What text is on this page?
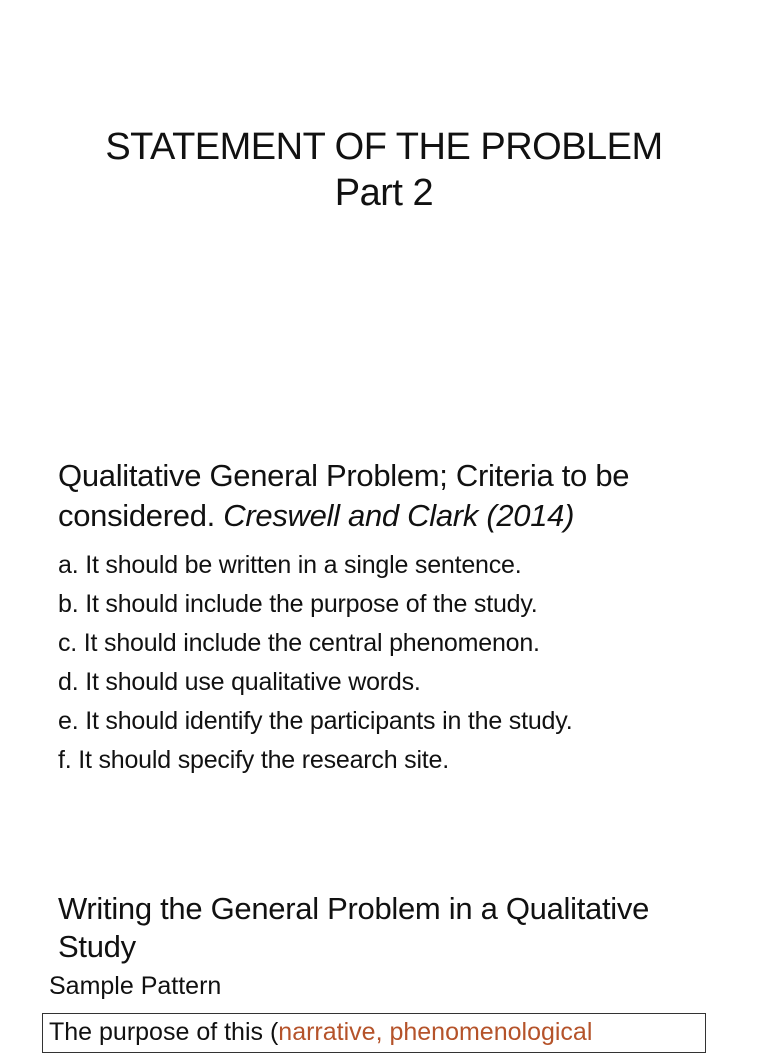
STATEMENT OF THE PROBLEM
Part 2
Qualitative General Problem; Criteria to be considered. Creswell and Clark (2014)
a. It should be written in a single sentence.
b. It should include the purpose of the study.
c. It should include the central phenomenon.
d. It should use qualitative words.
e. It should identify the participants in the study.
f. It should specify the research site.
Writing the General Problem in a Qualitative Study
Sample Pattern
The purpose of this (narrative, phenomenological
